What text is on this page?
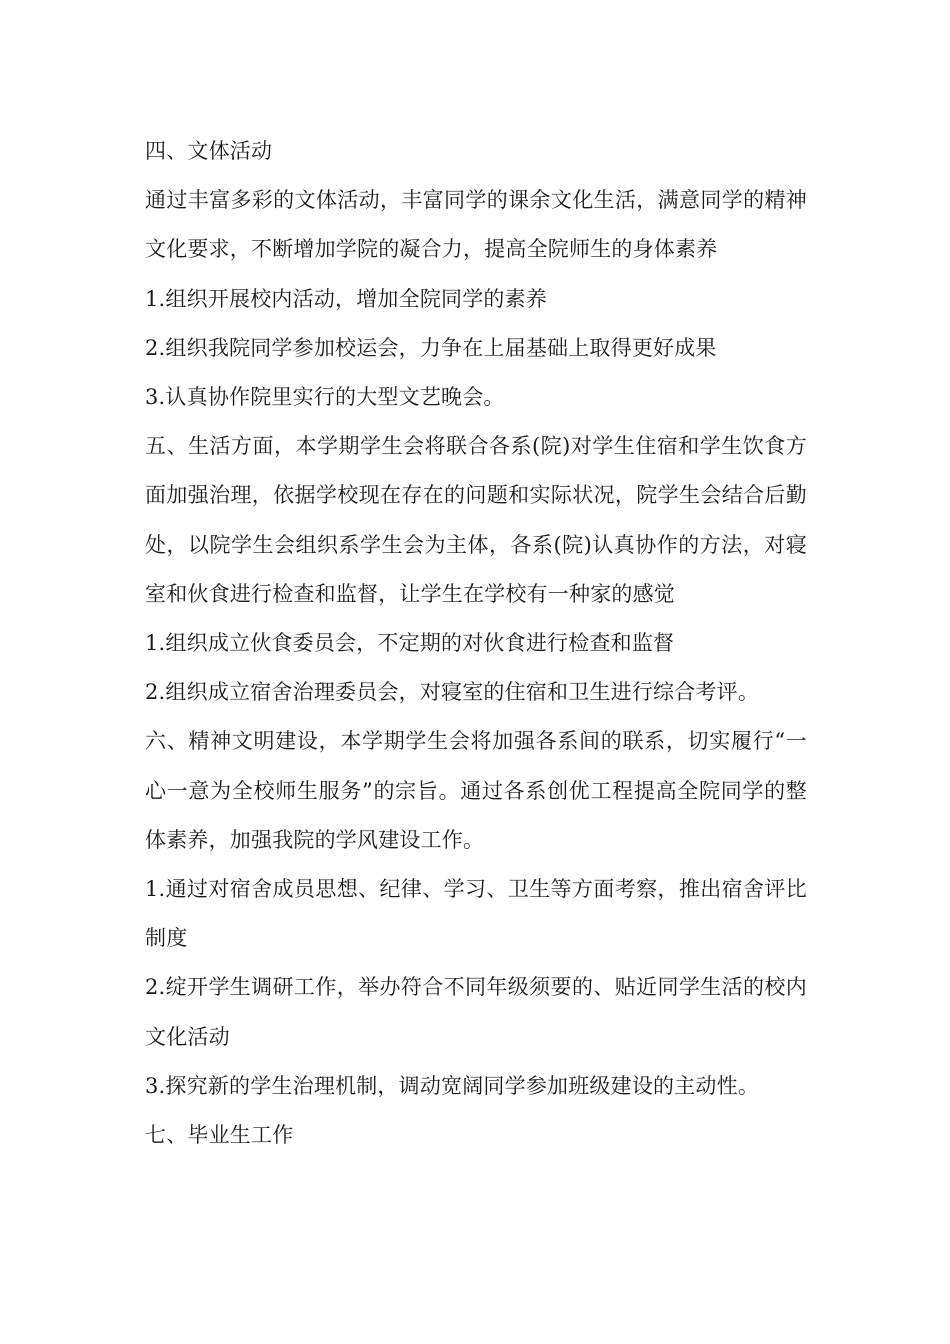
四、文体活动

通过丰富多彩的文体活动，丰富同学的课余文化生活，满意同学的精神文化要求，不断增加学院的凝合力，提高全院师生的身体素养

1.组织开展校内活动，增加全院同学的素养

2.组织我院同学参加校运会，力争在上届基础上取得更好成果

3.认真协作院里实行的大型文艺晚会。

五、生活方面，本学期学生会将联合各系(院)对学生住宿和学生饮食方面加强治理，依据学校现在存在的问题和实际状况，院学生会结合后勤处，以院学生会组织系学生会为主体，各系(院)认真协作的方法，对寝室和伙食进行检查和监督，让学生在学校有一种家的感觉

1.组织成立伙食委员会，不定期的对伙食进行检查和监督

2.组织成立宿舍治理委员会，对寝室的住宿和卫生进行综合考评。

六、精神文明建设，本学期学生会将加强各系间的联系，切实履行“一心一意为全校师生服务”的宗旨。通过各系创优工程提高全院同学的整体素养，加强我院的学风建设工作。

1.通过对宿舍成员思想、纪律、学习、卫生等方面考察，推出宿舍评比制度

2.绽开学生调研工作，举办符合不同年级须要的、贴近同学生活的校内文化活动

3.探究新的学生治理机制，调动宽阔同学参加班级建设的主动性。

七、毕业生工作
